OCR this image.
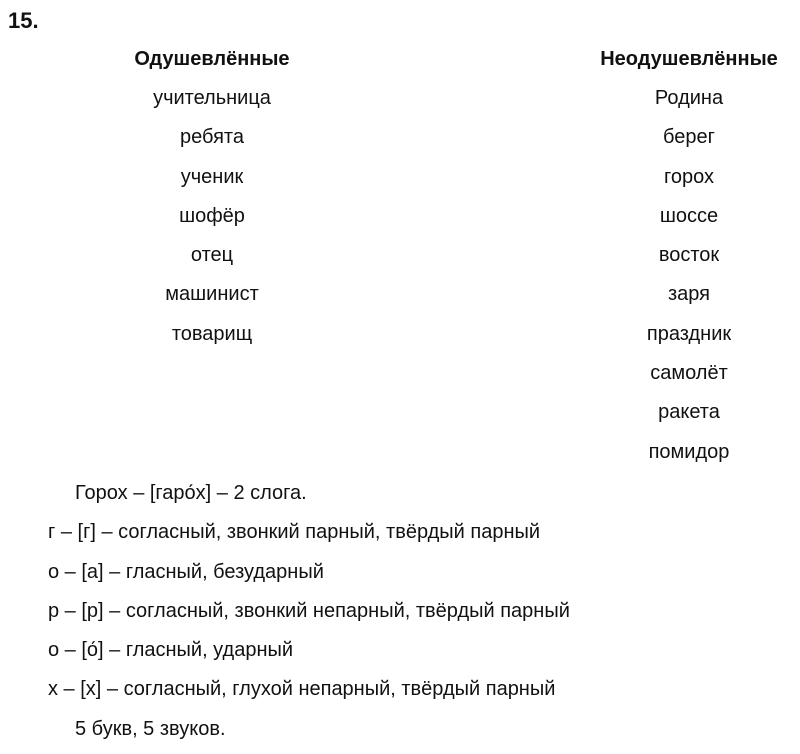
15.
Одушевлённые
учительница
ребята
ученик
шофёр
отец
машинист
товарищ
Неодушевлённые
Родина
берег
горох
шоссе
восток
заря
праздник
самолёт
ракета
помидор
Горох – [гаро́х] – 2 слога.
г – [г] – согласный, звонкий парный, твёрдый парный
о – [а] – гласный, безударный
р – [р] – согласный, звонкий непарный, твёрдый парный
о – [о́] – гласный, ударный
х – [х] – согласный, глухой непарный, твёрдый парный
5 букв, 5 звуков.
